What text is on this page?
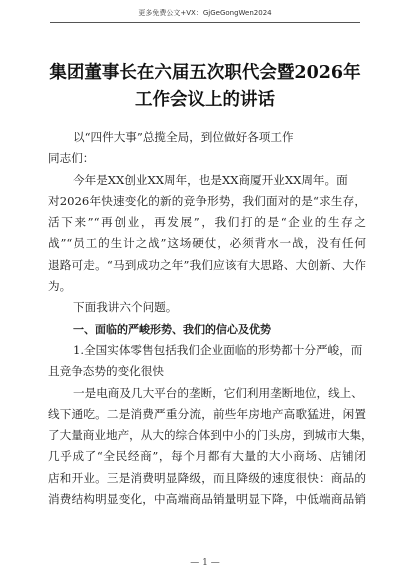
更多免费公文+VX：GjGeGongWen2024
集团董事长在六届五次职代会暨2026年
工作会议上的讲话
以“四件大事”总揽全局，到位做好各项工作
同志们：
今年是XX创业XX周年，也是XX商厦开业XX周年。面
对2026年快速变化的新的竞争形势，我们面对的是“求生存，
活下来”“再创业，再发展”，我们打的是“企业的生存之
战”“员工的生计之战”这场硬仗，必须背水一战，没有任何
退路可走。“马到成功之年”我们应该有大思路、大创新、大作
为。
下面我讲六个问题。
一、面临的严峻形势、我们的信心及优势
1.全国实体零售包括我们企业面临的形势都十分严峻，而
且竞争态势的变化很快
一是电商及几大平台的垄断，它们利用垄断地位，线上、
线下通吃。二是消费严重分流，前些年房地产高歌猛进，闲置
了大量商业地产，从大的综合体到中小的门头房，到城市大集，
几乎成了“全民经商”，每个月都有大量的大小商场、店铺闭
店和开业。三是消费明显降级，而且降级的速度很快：商品的
消费结构明显变化，中高端商品销量明显下降，中低端商品销
— 1 —
